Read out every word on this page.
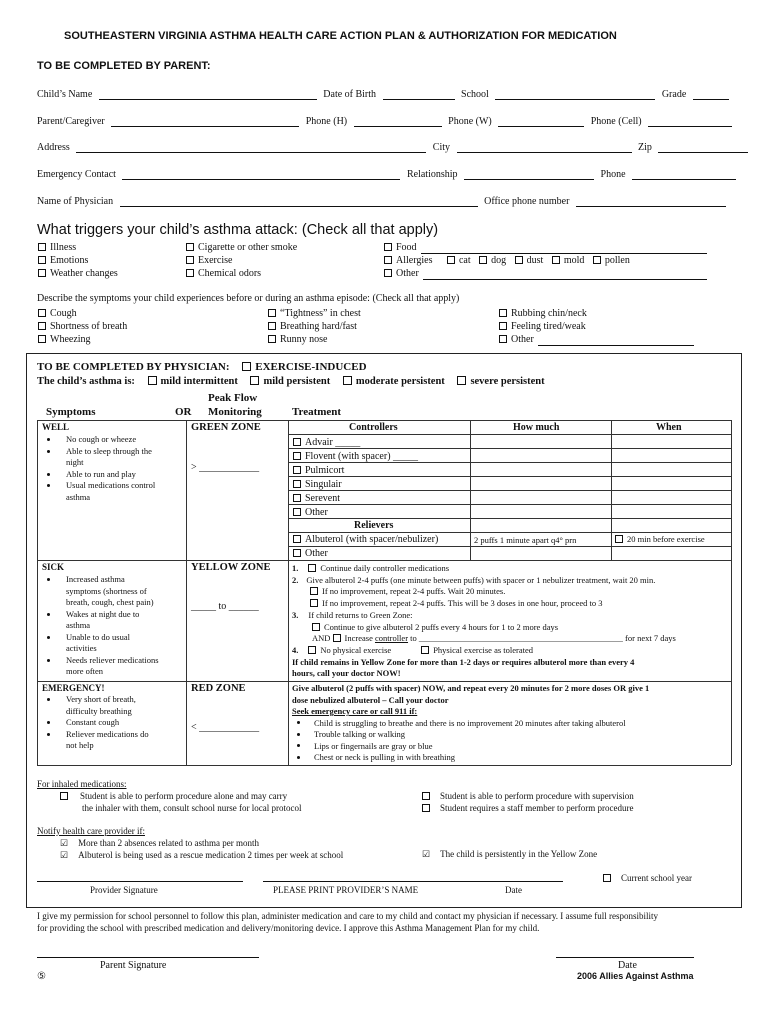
SOUTHEASTERN VIRGINIA ASTHMA HEALTH CARE ACTION PLAN & AUTHORIZATION FOR MEDICATION
TO BE COMPLETED BY PARENT:
Child’s Name	Date of Birth	School	Grade
Parent/Caregiver	Phone (H)	Phone (W)	Phone (Cell)
Address	City	Zip
Emergency Contact	Relationship	Phone
Name of Physician	Office phone number
What triggers your child’s asthma attack: (Check all that apply)
Illness
Emotions
Weather changes
Cigarette or other smoke
Exercise
Chemical odors
Food
Allergies	cat dog dust mold pollen
Other
Describe the symptoms your child experiences before or during an asthma episode: (Check all that apply)
Cough
Shortness of breath
Wheezing
“Tightness” in chest
Breathing hard/fast
Runny nose
Rubbing chin/neck
Feeling tired/weak
Other
TO BE COMPLETED BY PHYSICIAN: EXERCISE-INDUCED
The child’s asthma is: mild intermittent mild persistent moderate persistent severe persistent
Peak Flow
Symptoms	OR Monitoring	Treatment
WELL
No cough or wheeze
Able to sleep through the
night
Able to run and play
Usual medications control
asthma
GREEN ZONE
> ____________
Controllers	How much	When
Advair _____
Flovent (with spacer) _____
Pulmicort
Singulair
Serevent
Other
Relievers
Albuterol (with spacer/nebulizer)	2 puffs 1 minute apart q4° prn	20 min before exercise
Other
SICK
Increased asthma
symptoms (shortness of
breath, cough, chest pain)
Wakes at night due to
asthma
Unable to do usual
activities
Needs reliever medications
more often
YELLOW ZONE
_____ to ______
1.	Continue daily controller medications
2. Give albuterol 2-4 puffs (one minute between puffs) with spacer or 1 nebulizer treatment, wait 20 min.
If no improvement, repeat 2-4 puffs. Wait 20 minutes.
If no improvement, repeat 2-4 puffs. This will be 3 doses in one hour, proceed to 3
3. If child returns to Green Zone:
Continue to give albuterol 2 puffs every 4 hours for 1 to 2 more days
AND Increase controller to ________________________________________________ for next 7 days
4.	No physical exercise	Physical exercise as tolerated
If child remains in Yellow Zone for more than 1-2 days or requires albuterol more than every 4
hours, call your doctor NOW!
EMERGENCY!
Very short of breath,
difficulty breathing
Constant cough
Reliever medications do
not help
RED ZONE
< ____________
Give albuterol (2 puffs with spacer) NOW, and repeat every 20 minutes for 2 more doses OR give 1
dose nebulized albuterol – Call your doctor
Seek emergency care or call 911 if:
Child is struggling to breathe and there is no improvement 20 minutes after taking albuterol
Trouble talking or walking
Lips or fingernails are gray or blue
Chest or neck is pulling in with breathing
For inhaled medications:
Student is able to perform procedure alone and may carry
the inhaler with them, consult school nurse for local protocol
Student is able to perform procedure with supervision
Student requires a staff member to perform procedure
Notify health care provider if:
☑ More than 2 absences related to asthma per month
☑ Albuterol is being used as a rescue medication 2 times per week at school	☑ The child is persistently in the Yellow Zone
Current school year
Provider Signature	PLEASE PRINT PROVIDER’S NAME	Date
I give my permission for school personnel to follow this plan, administer medication and care to my child and contact my physician if necessary. I assume full responsibility
for providing the school with prescribed medication and delivery/monitoring device. I approve this Asthma Management Plan for my child.
Parent Signature	Date
⑤	2006 Allies Against Asthma
